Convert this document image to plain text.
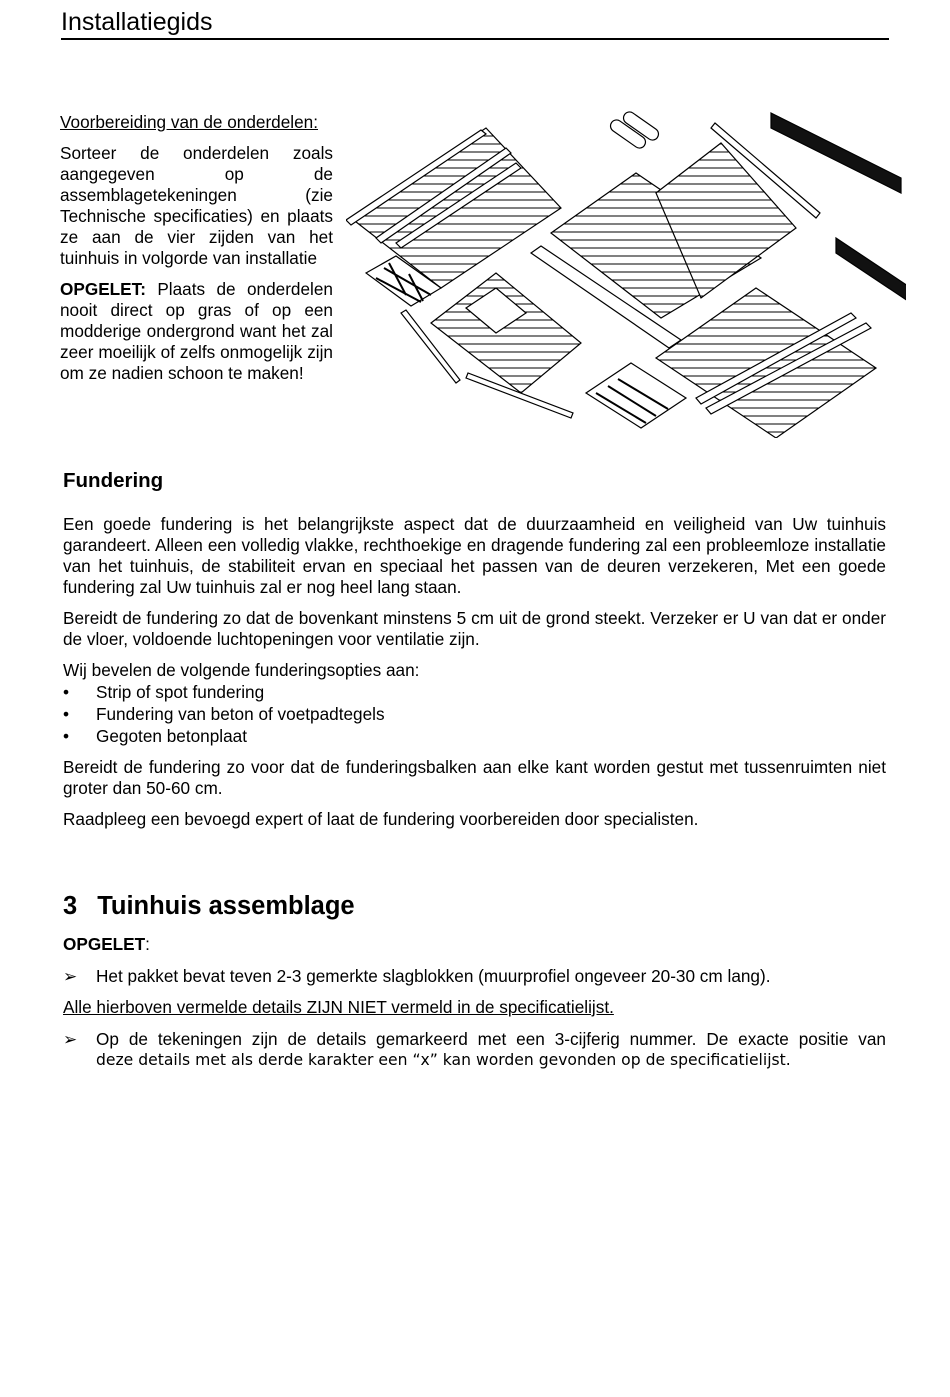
Installatiegids

Voorbereiding van de onderdelen:

Sorteer de onderdelen zoals aangegeven op de assemblagetekeningen (zie Technische specificaties) en plaats ze aan de vier zijden van het tuinhuis in volgorde van installatie

OPGELET: Plaats de onderdelen nooit direct op gras of op een modderige ondergrond want het zal zeer moeilijk of zelfs onmogelijk zijn om ze nadien schoon te maken!

Fundering

Een goede fundering is het belangrijkste aspect dat de duurzaamheid en veiligheid van Uw tuinhuis garandeert. Alleen een volledig vlakke, rechthoekige en dragende fundering zal een probleemloze installatie van het tuinhuis, de stabiliteit ervan en speciaal het passen van de deuren verzekeren, Met een goede fundering zal Uw tuinhuis zal er nog heel lang staan.

Bereidt de fundering zo dat de bovenkant minstens 5 cm uit de grond steekt. Verzeker er U van dat er onder de vloer, voldoende luchtopeningen voor ventilatie zijn.

Wij bevelen de volgende funderingsopties aan:

• Strip of spot fundering
• Fundering van beton of voetpadtegels
• Gegoten betonplaat

Bereidt de fundering zo voor dat de funderingsbalken aan elke kant worden gestut met tussenruimten niet groter dan 50-60 cm.

Raadpleeg een bevoegd expert of laat de fundering voorbereiden door specialisten.

3 Tuinhuis assemblage

OPGELET:

➢ Het pakket bevat teven 2-3 gemerkte slagblokken (muurprofiel ongeveer 20-30 cm lang).

Alle hierboven vermelde details ZIJN NIET vermeld in de specificatielijst.

➢ Op de tekeningen zijn de details gemarkeerd met een 3-cijferig nummer. De exacte positie van
deze details met als derde karakter een “x” kan worden gevonden op de specificatielijst.
